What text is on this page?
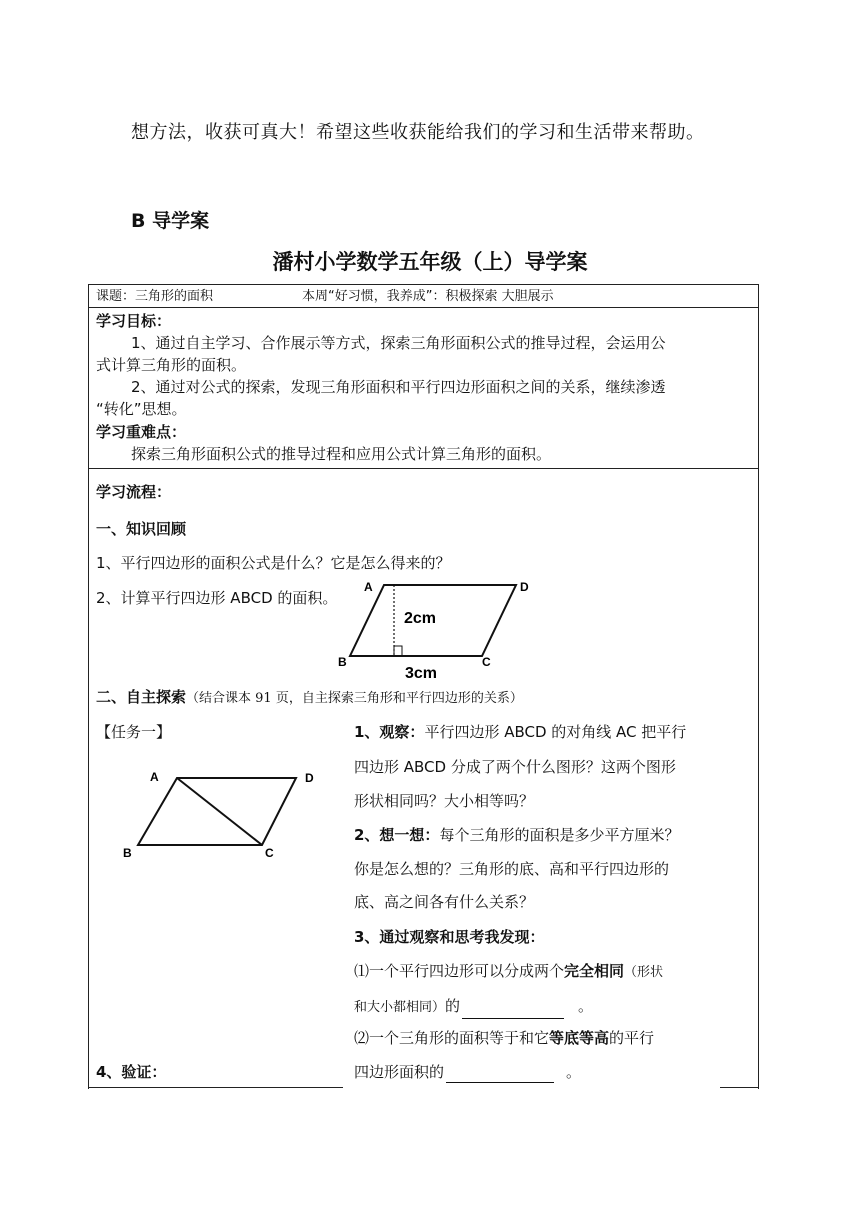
想方法，收获可真大！希望这些收获能给我们的学习和生活带来帮助。
B 导学案
潘村小学数学五年级（上）导学案
课题：三角形的面积	本周“好习惯，我养成”：积极探索 大胆展示
学习目标：
1、通过自主学习、合作展示等方式，探索三角形面积公式的推导过程，会运用公
式计算三角形的面积。
2、通过对公式的探索，发现三角形面积和平行四边形面积之间的关系，继续渗透
“转化”思想。
学习重难点：
探索三角形面积公式的推导过程和应用公式计算三角形的面积。
学习流程：
一、知识回顾
1、平行四边形的面积公式是什么？它是怎么得来的？
2、计算平行四边形 ABCD 的面积。
A	D
B	C
2cm
3cm
二、自主探索（结合课本 91 页，自主探索三角形和平行四边形的关系）
【任务一】
A	D
B	C
1、观察：平行四边形 ABCD 的对角线 AC 把平行
四边形 ABCD 分成了两个什么图形？这两个图形
形状相同吗？大小相等吗？
2、想一想：每个三角形的面积是多少平方厘米？
你是怎么想的？三角形的底、高和平行四边形的
底、高之间各有什么关系？
3、通过观察和思考我发现：
⑴一个平行四边形可以分成两个完全相同（形状
和大小都相同）的	。
⑵一个三角形的面积等于和它等底等高的平行
四边形面积的	。
4、验证：
